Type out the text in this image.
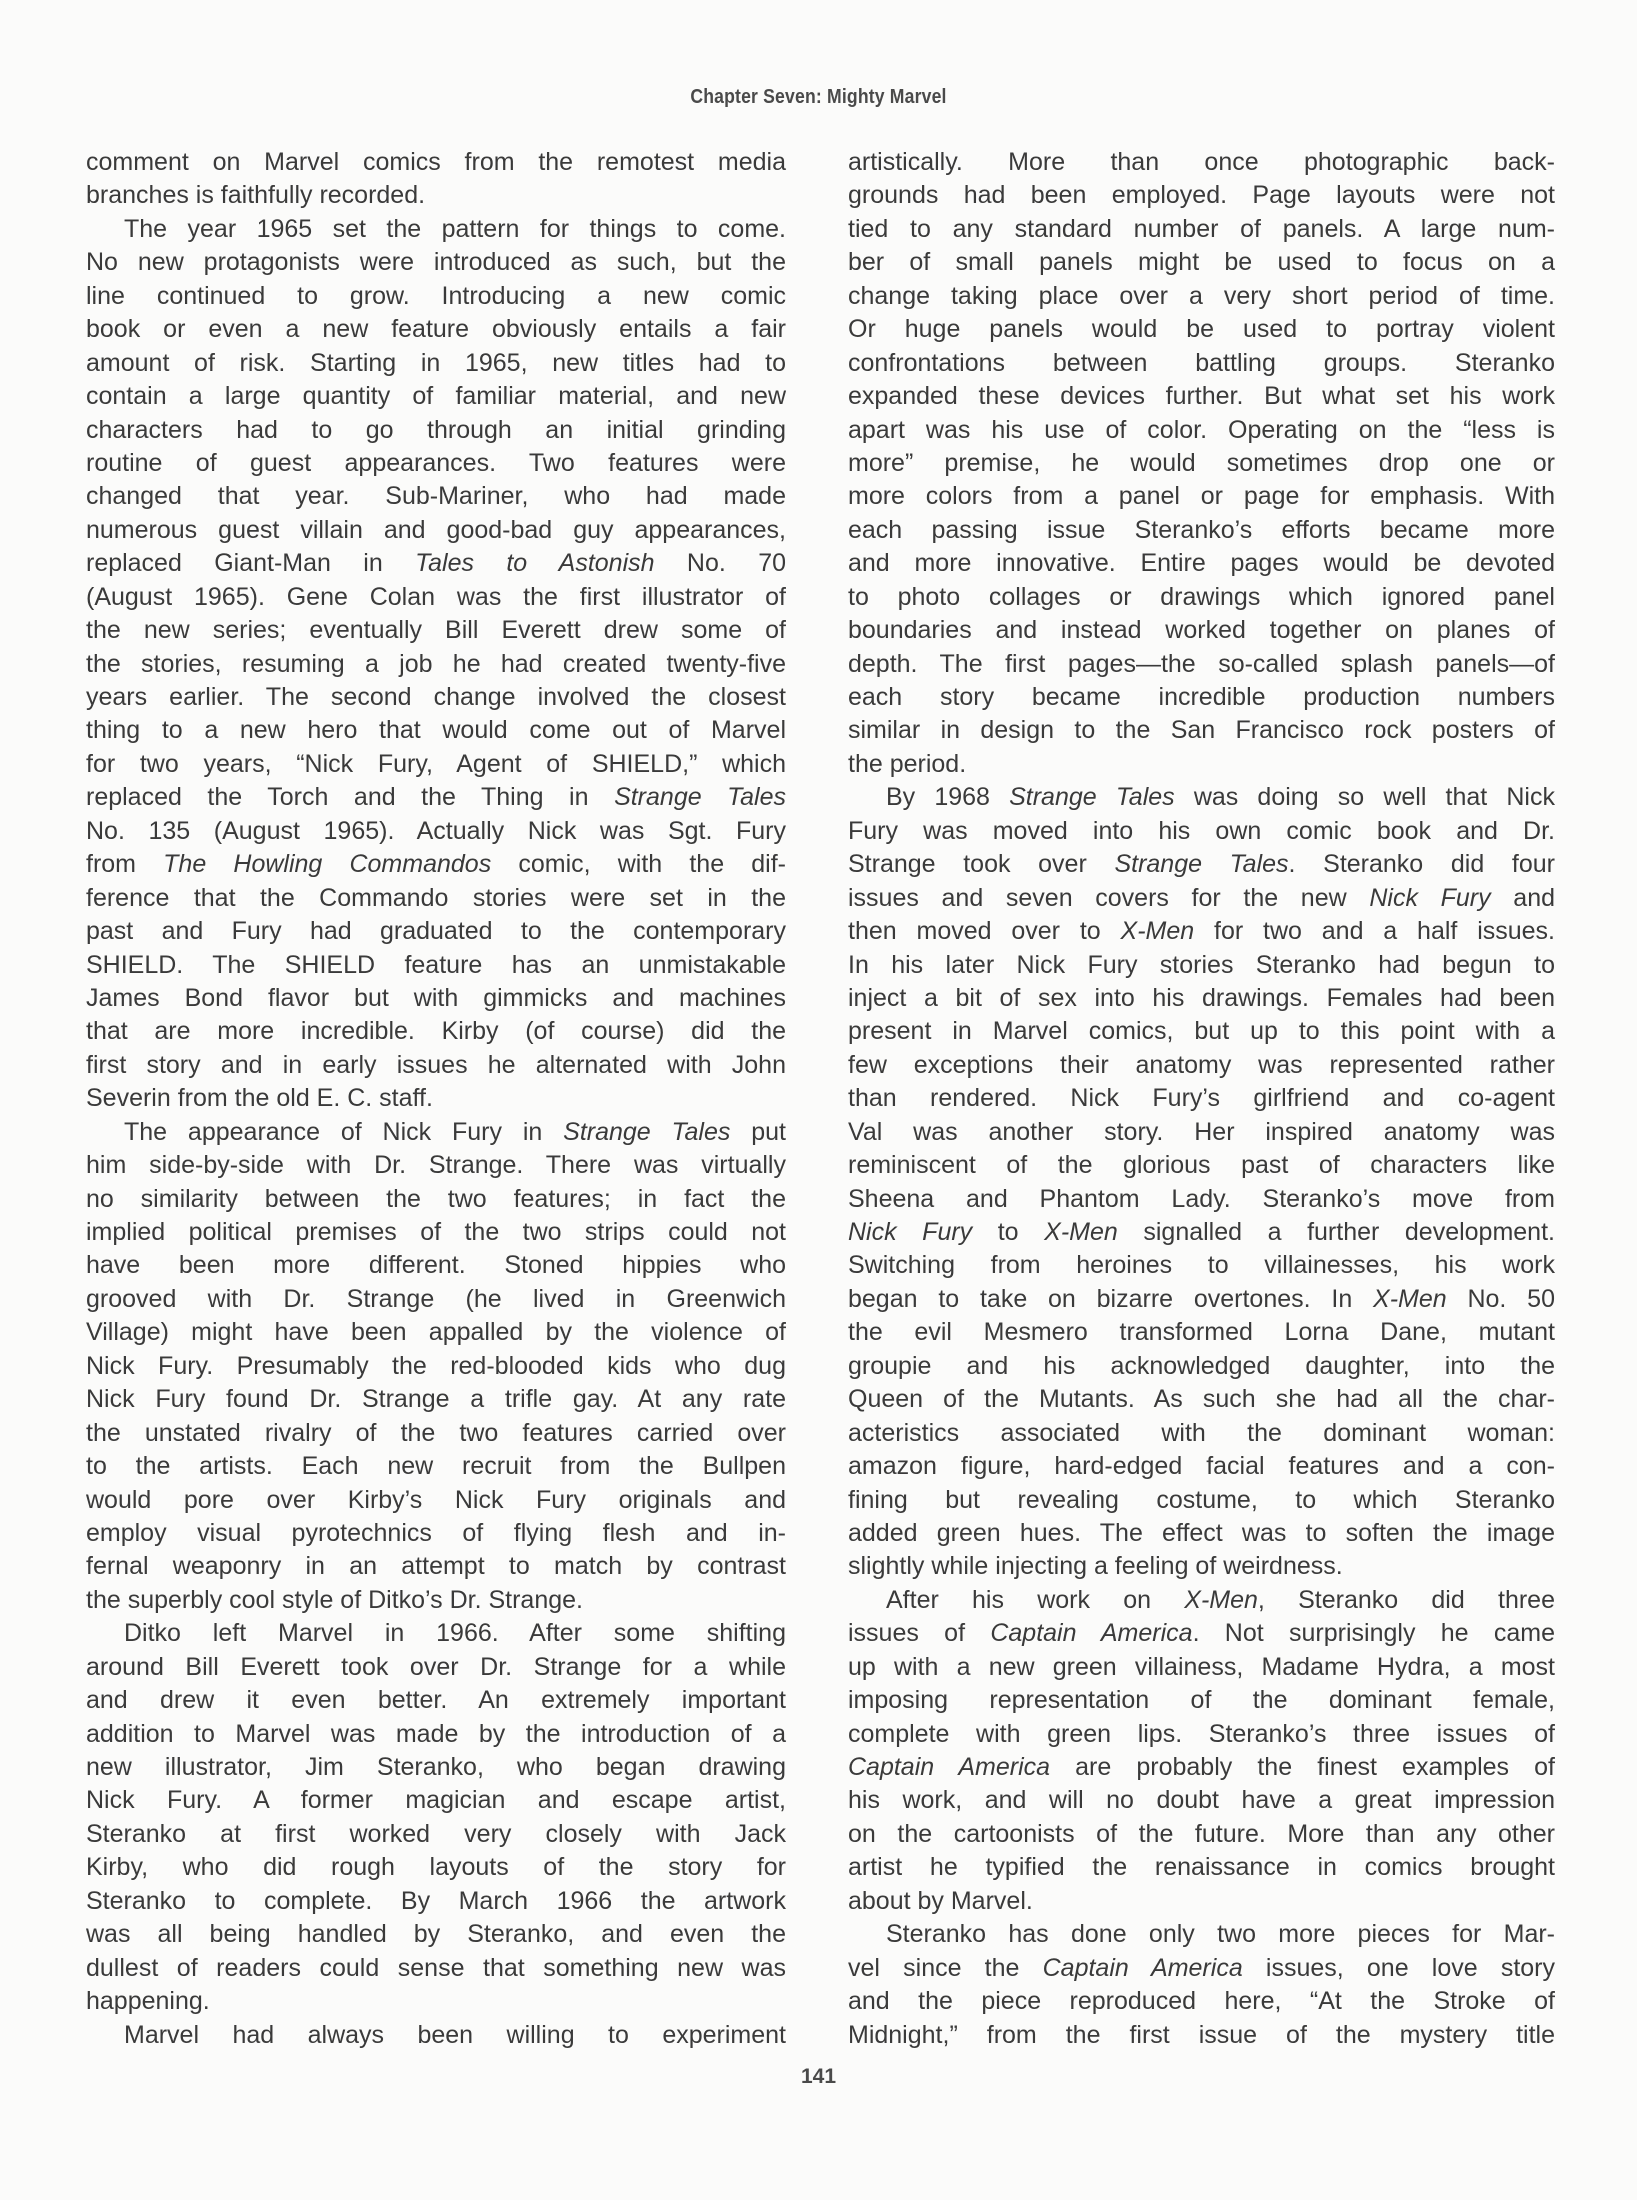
Chapter Seven: Mighty Marvel
comment on Marvel comics from the remotest media
branches is faithfully recorded.
The year 1965 set the pattern for things to come.
No new protagonists were introduced as such, but the
line continued to grow. Introducing a new comic
book or even a new feature obviously entails a fair
amount of risk. Starting in 1965, new titles had to
contain a large quantity of familiar material, and new
characters had to go through an initial grinding
routine of guest appearances. Two features were
changed that year. Sub-Mariner, who had made
numerous guest villain and good-bad guy appearances,
replaced Giant-Man in Tales to Astonish No. 70
(August 1965). Gene Colan was the first illustrator of
the new series; eventually Bill Everett drew some of
the stories, resuming a job he had created twenty-five
years earlier. The second change involved the closest
thing to a new hero that would come out of Marvel
for two years, “Nick Fury, Agent of SHIELD,” which
replaced the Torch and the Thing in Strange Tales
No. 135 (August 1965). Actually Nick was Sgt. Fury
from The Howling Commandos comic, with the dif-
ference that the Commando stories were set in the
past and Fury had graduated to the contemporary
SHIELD. The SHIELD feature has an unmistakable
James Bond flavor but with gimmicks and machines
that are more incredible. Kirby (of course) did the
first story and in early issues he alternated with John
Severin from the old E. C. staff.
The appearance of Nick Fury in Strange Tales put
him side-by-side with Dr. Strange. There was virtually
no similarity between the two features; in fact the
implied political premises of the two strips could not
have been more different. Stoned hippies who
grooved with Dr. Strange (he lived in Greenwich
Village) might have been appalled by the violence of
Nick Fury. Presumably the red-blooded kids who dug
Nick Fury found Dr. Strange a trifle gay. At any rate
the unstated rivalry of the two features carried over
to the artists. Each new recruit from the Bullpen
would pore over Kirby’s Nick Fury originals and
employ visual pyrotechnics of flying flesh and in-
fernal weaponry in an attempt to match by contrast
the superbly cool style of Ditko’s Dr. Strange.
Ditko left Marvel in 1966. After some shifting
around Bill Everett took over Dr. Strange for a while
and drew it even better. An extremely important
addition to Marvel was made by the introduction of a
new illustrator, Jim Steranko, who began drawing
Nick Fury. A former magician and escape artist,
Steranko at first worked very closely with Jack
Kirby, who did rough layouts of the story for
Steranko to complete. By March 1966 the artwork
was all being handled by Steranko, and even the
dullest of readers could sense that something new was
happening.
Marvel had always been willing to experiment
artistically. More than once photographic back-
grounds had been employed. Page layouts were not
tied to any standard number of panels. A large num-
ber of small panels might be used to focus on a
change taking place over a very short period of time.
Or huge panels would be used to portray violent
confrontations between battling groups. Steranko
expanded these devices further. But what set his work
apart was his use of color. Operating on the “less is
more” premise, he would sometimes drop one or
more colors from a panel or page for emphasis. With
each passing issue Steranko’s efforts became more
and more innovative. Entire pages would be devoted
to photo collages or drawings which ignored panel
boundaries and instead worked together on planes of
depth. The first pages—the so-called splash panels—of
each story became incredible production numbers
similar in design to the San Francisco rock posters of
the period.
By 1968 Strange Tales was doing so well that Nick
Fury was moved into his own comic book and Dr.
Strange took over Strange Tales. Steranko did four
issues and seven covers for the new Nick Fury and
then moved over to X-Men for two and a half issues.
In his later Nick Fury stories Steranko had begun to
inject a bit of sex into his drawings. Females had been
present in Marvel comics, but up to this point with a
few exceptions their anatomy was represented rather
than rendered. Nick Fury’s girlfriend and co-agent
Val was another story. Her inspired anatomy was
reminiscent of the glorious past of characters like
Sheena and Phantom Lady. Steranko’s move from
Nick Fury to X-Men signalled a further development.
Switching from heroines to villainesses, his work
began to take on bizarre overtones. In X-Men No. 50
the evil Mesmero transformed Lorna Dane, mutant
groupie and his acknowledged daughter, into the
Queen of the Mutants. As such she had all the char-
acteristics associated with the dominant woman:
amazon figure, hard-edged facial features and a con-
fining but revealing costume, to which Steranko
added green hues. The effect was to soften the image
slightly while injecting a feeling of weirdness.
After his work on X-Men, Steranko did three
issues of Captain America. Not surprisingly he came
up with a new green villainess, Madame Hydra, a most
imposing representation of the dominant female,
complete with green lips. Steranko’s three issues of
Captain America are probably the finest examples of
his work, and will no doubt have a great impression
on the cartoonists of the future. More than any other
artist he typified the renaissance in comics brought
about by Marvel.
Steranko has done only two more pieces for Mar-
vel since the Captain America issues, one love story
and the piece reproduced here, “At the Stroke of
Midnight,” from the first issue of the mystery title
141
